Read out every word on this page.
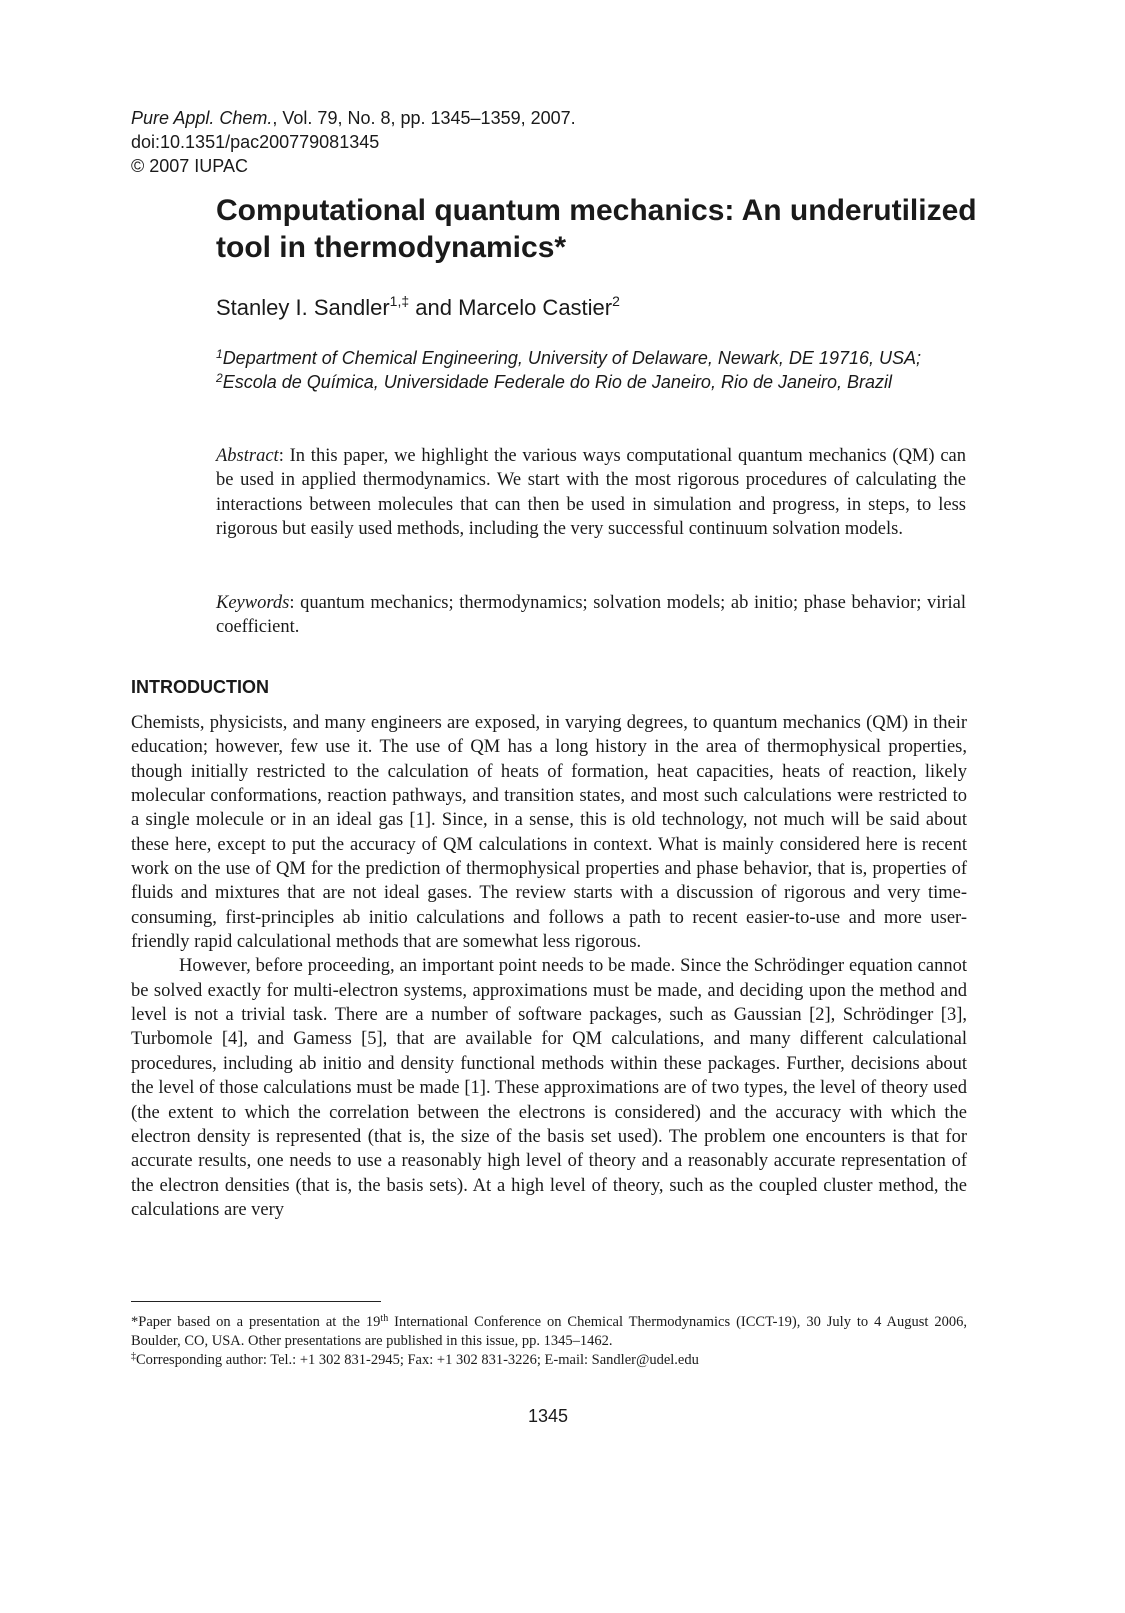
Pure Appl. Chem., Vol. 79, No. 8, pp. 1345–1359, 2007.
doi:10.1351/pac200779081345
© 2007 IUPAC
Computational quantum mechanics: An underutilized tool in thermodynamics*
Stanley I. Sandler$^{1,\ddagger}$ and Marcelo Castier$^2$

$^1$Department of Chemical Engineering, University of Delaware, Newark, DE 19716, USA; $^2$Escola de Química, Universidade Federale do Rio de Janeiro, Rio de Janeiro, Brazil

Abstract: In this paper, we highlight the various ways computational quantum mechanics (QM) can be used in applied thermodynamics. We start with the most rigorous procedures of calculating the interactions between molecules that can then be used in simulation and progress, in steps, to less rigorous but easily used methods, including the very successful continuum solvation models.

Keywords: quantum mechanics; thermodynamics; solvation models; ab initio; phase behavior; virial coefficient.

INTRODUCTION

Chemists, physicists, and many engineers are exposed, in varying degrees, to quantum mechanics (QM) in their education; however, few use it. The use of QM has a long history in the area of thermophysical properties, though initially restricted to the calculation of heats of formation, heat capacities, heats of reaction, likely molecular conformations, reaction pathways, and transition states, and most such calculations were restricted to a single molecule or in an ideal gas [1]. Since, in a sense, this is old technology, not much will be said about these here, except to put the accuracy of QM calculations in context. What is mainly considered here is recent work on the use of QM for the prediction of thermophysical properties and phase behavior, that is, properties of fluids and mixtures that are not ideal gases. The review starts with a discussion of rigorous and very time-consuming, first-principles ab initio calculations and follows a path to recent easier-to-use and more user-friendly rapid calculational methods that are somewhat less rigorous.

However, before proceeding, an important point needs to be made. Since the Schrödinger equation cannot be solved exactly for multi-electron systems, approximations must be made, and deciding upon the method and level is not a trivial task. There are a number of software packages, such as Gaussian [2], Schrödinger [3], Turbomole [4], and Gamess [5], that are available for QM calculations, and many different calculational procedures, including ab initio and density functional methods within these packages. Further, decisions about the level of those calculations must be made [1]. These approximations are of two types, the level of theory used (the extent to which the correlation between the electrons is considered) and the accuracy with which the electron density is represented (that is, the size of the basis set used). The problem one encounters is that for accurate results, one needs to use a reasonably high level of theory and a reasonably accurate representation of the electron densities (that is, the basis sets). At a high level of theory, such as the coupled cluster method, the calculations are very

*Paper based on a presentation at the 19th International Conference on Chemical Thermodynamics (ICCT-19), 30 July to 4 August 2006, Boulder, CO, USA. Other presentations are published in this issue, pp. 1345–1462.

‡Corresponding author: Tel.: +1 302 831-2945; Fax: +1 302 831-3226; E-mail: Sandler@udel.edu

1345
